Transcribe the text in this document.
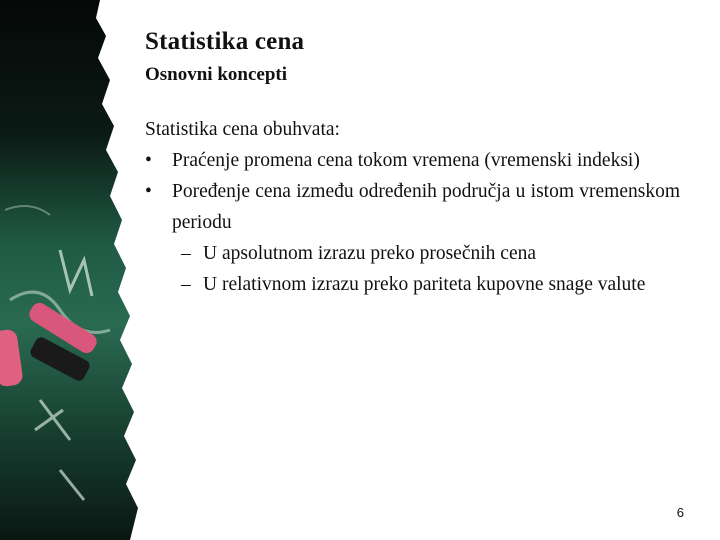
Statistika cena
Osnovni koncepti

Statistika cena obuhvata:

• Praćenje promena cena tokom vremena (vremenski indeksi)

• Poređenje cena između određenih područja u istom vremenskom periodu

– U apsolutnom izrazu preko prosečnih cena

– U relativnom izrazu preko pariteta kupovne snage valute

6
